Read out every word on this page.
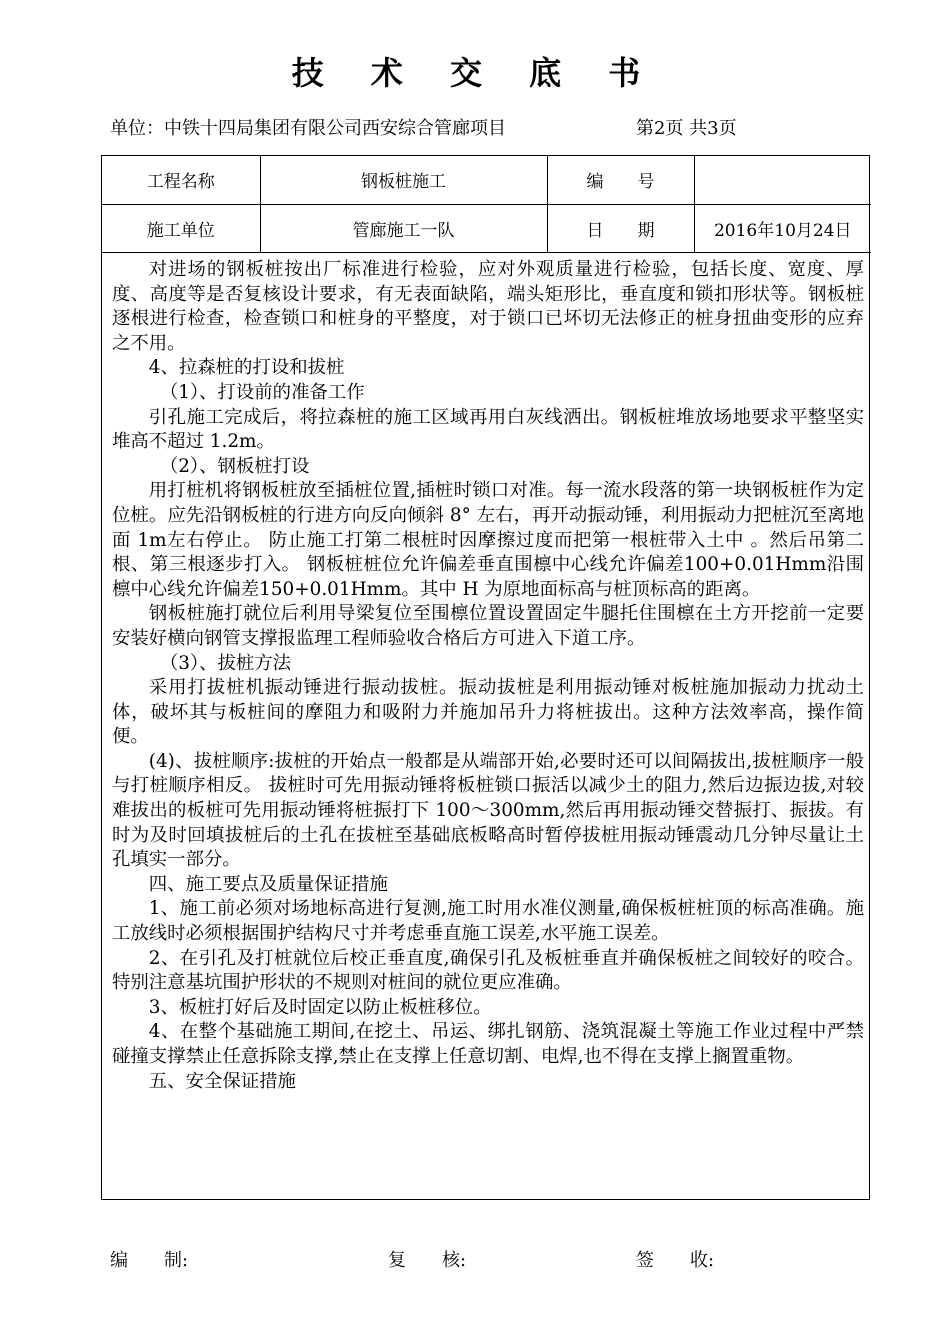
技 术 交 底 书
单位：中铁十四局集团有限公司西安综合管廊项目	第2页 共3页
工程名称	钢板桩施工	编　　号	
施工单位	管廊施工一队	日　　期	2016年10月24日

对进场的钢板桩按出厂标准进行检验，应对外观质量进行检验，包括长度、宽度、厚度、高度等是否复核设计要求，有无表面缺陷，端头矩形比，垂直度和锁扣形状等。钢板桩逐根进行检查，检查锁口和桩身的平整度，对于锁口已坏切无法修正的桩身扭曲变形的应弃之不用。

4、拉森桩的打设和拔桩

（1）、打设前的准备工作

引孔施工完成后，将拉森桩的施工区域再用白灰线洒出。钢板桩堆放场地要求平整坚实堆高不超过 1.2m。

（2）、钢板桩打设

用打桩机将钢板桩放至插桩位置,插桩时锁口对准。每一流水段落的第一块钢板桩作为定位桩。应先沿钢板桩的行进方向反向倾斜 8° 左右，再开动振动锤，利用振动力把桩沉至离地面 1m左右停止。 防止施工打第二根桩时因摩擦过度而把第一根桩带入土中 。然后吊第二根、第三根逐步打入。 钢板桩桩位允许偏差垂直围檩中心线允许偏差100+0.01Hmm沿围檩中心线允许偏差150+0.01Hmm。其中 H 为原地面标高与桩顶标高的距离。

钢板桩施打就位后利用导梁复位至围檩位置设置固定牛腿托住围檩在土方开挖前一定要安装好横向钢管支撑报监理工程师验收合格后方可进入下道工序。

（3）、拔桩方法

采用打拔桩机振动锤进行振动拔桩。振动拔桩是利用振动锤对板桩施加振动力扰动土体，破坏其与板桩间的摩阻力和吸附力并施加吊升力将桩拔出。这种方法效率高，操作简便。

(4)、拔桩顺序:拔桩的开始点一般都是从端部开始,必要时还可以间隔拔出,拔桩顺序一般与打桩顺序相反。 拔桩时可先用振动锤将板桩锁口振活以减少土的阻力,然后边振边拔,对较难拔出的板桩可先用振动锤将桩振打下 100～300mm,然后再用振动锤交替振打、振拔。有时为及时回填拔桩后的土孔在拔桩至基础底板略高时暂停拔桩用振动锤震动几分钟尽量让土孔填实一部分。

四、施工要点及质量保证措施

1、施工前必须对场地标高进行复测,施工时用水准仪测量,确保板桩桩顶的标高准确。施工放线时必须根据围护结构尺寸并考虑垂直施工误差,水平施工误差。

2、在引孔及打桩就位后校正垂直度,确保引孔及板桩垂直并确保板桩之间较好的咬合。特别注意基坑围护形状的不规则对桩间的就位更应准确。

3、板桩打好后及时固定以防止板桩移位。

4、在整个基础施工期间,在挖土、吊运、绑扎钢筋、浇筑混凝土等施工作业过程中严禁碰撞支撑禁止任意拆除支撑,禁止在支撑上任意切割、电焊,也不得在支撑上搁置重物。

五、安全保证措施

编　　制:	复　　核:	签　　收:
